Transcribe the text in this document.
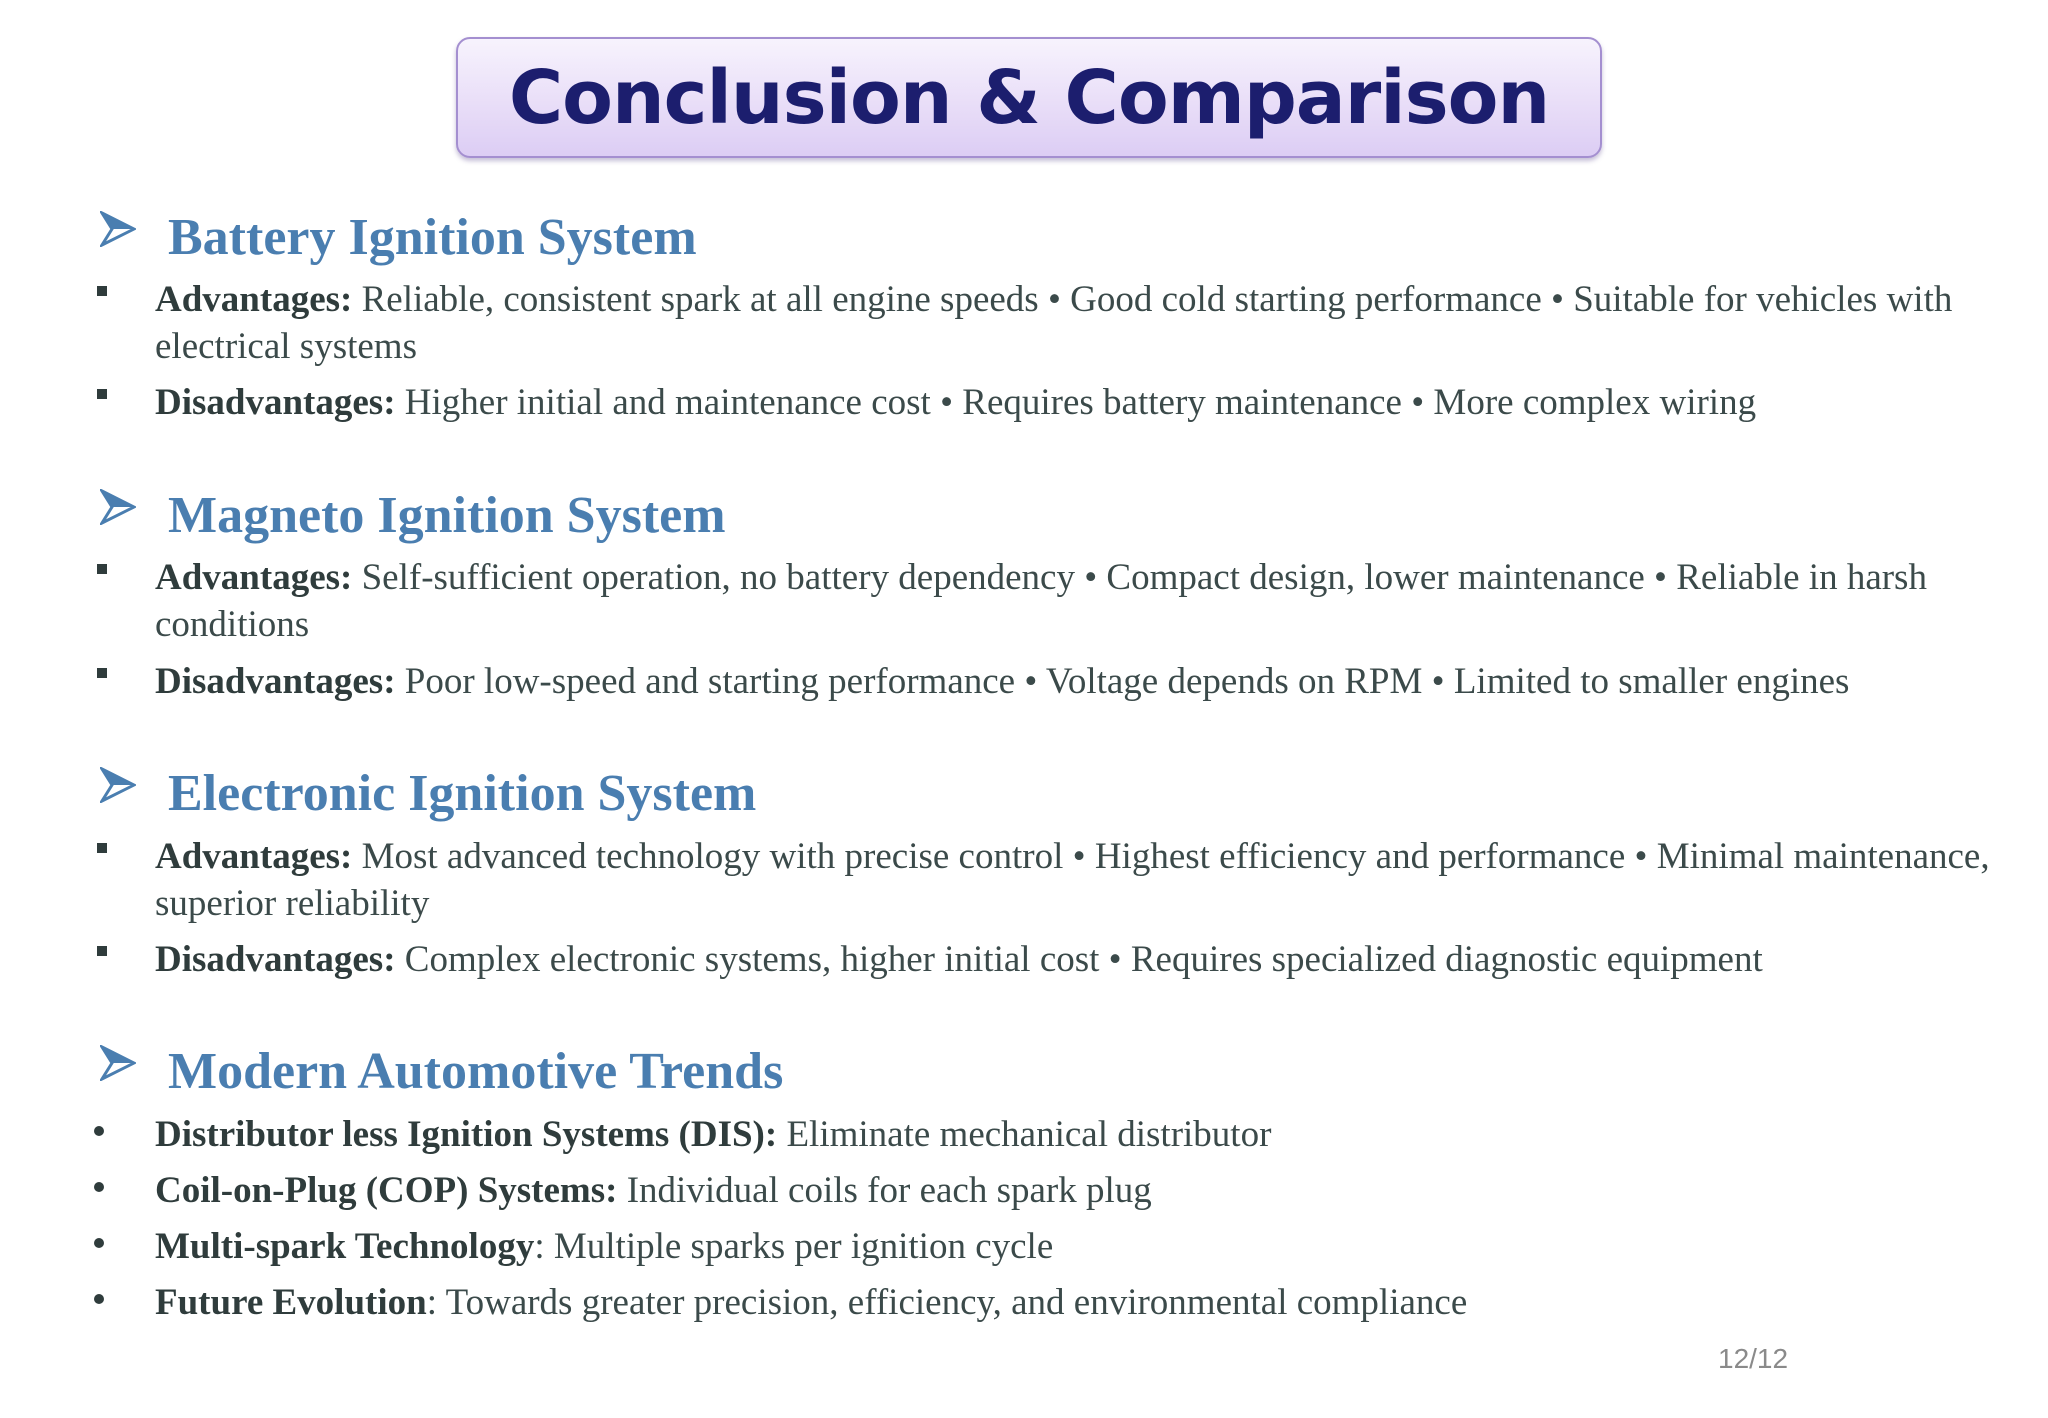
Conclusion & Comparison
Battery Ignition System
Advantages: Reliable, consistent spark at all engine speeds • Good cold starting performance • Suitable for vehicles with electrical systems
Disadvantages: Higher initial and maintenance cost • Requires battery maintenance • More complex wiring
Magneto Ignition System
Advantages: Self-sufficient operation, no battery dependency • Compact design, lower maintenance • Reliable in harsh conditions
Disadvantages: Poor low-speed and starting performance • Voltage depends on RPM • Limited to smaller engines
Electronic Ignition System
Advantages: Most advanced technology with precise control • Highest efficiency and performance • Minimal maintenance, superior reliability
Disadvantages: Complex electronic systems, higher initial cost • Requires specialized diagnostic equipment
Modern Automotive Trends
Distributor less Ignition Systems (DIS): Eliminate mechanical distributor
Coil-on-Plug (COP) Systems: Individual coils for each spark plug
Multi-spark Technology: Multiple sparks per ignition cycle
Future Evolution: Towards greater precision, efficiency, and environmental compliance
12/12
